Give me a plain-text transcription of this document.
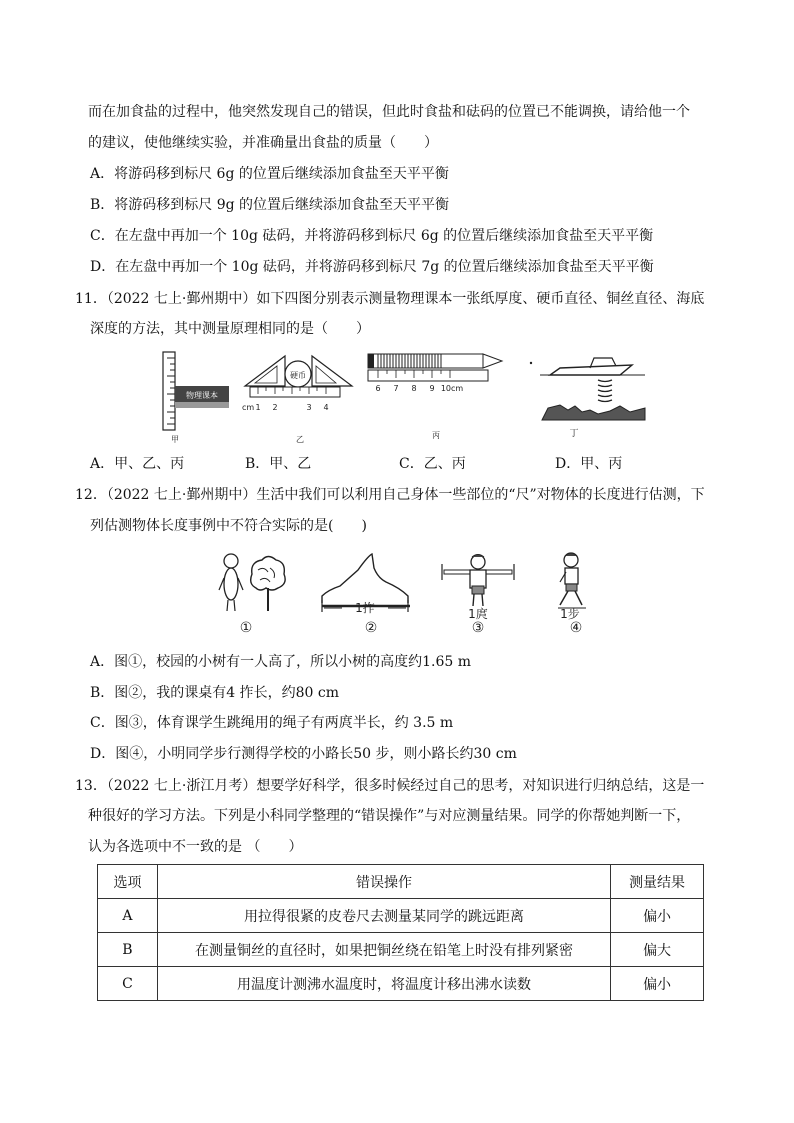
而在加食盐的过程中，他突然发现自己的错误，但此时食盐和砝码的位置已不能调换，请给他一个
的建议，使他继续实验，并准确量出食盐的质量（　　）
A．将游码移到标尺 6g 的位置后继续添加食盐至天平平衡
B．将游码移到标尺 9g 的位置后继续添加食盐至天平平衡
C．在左盘中再加一个 10g 砝码，并将游码移到标尺 6g 的位置后继续添加食盐至天平平衡
D．在左盘中再加一个 10g 砝码，并将游码移到标尺 7g 的位置后继续添加食盐至天平平衡
11．（2022 七上·鄞州期中）如下四图分别表示测量物理课本一张纸厚度、硬币直径、铜丝直径、海底
深度的方法，其中测量原理相同的是（　　）
物理课本
甲
硬币
cm 1 2	3 4
乙
6 7 8 9 10cm
丙	丁
A．甲、乙、丙	B．甲、乙	C．乙、丙	D．甲、丙
12．（2022 七上·鄞州期中）生活中我们可以利用自己身体一些部位的“尺”对物体的长度进行估测，下
列估测物体长度事例中不符合实际的是(　　)
①
1拃
②
1庹
③
1步
④
A．图①，校园的小树有一人高了，所以小树的高度约1.65 m
B．图②，我的课桌有4 拃长，约80 cm
C．图③，体育课学生跳绳用的绳子有两庹半长，约 3.5 m
D．图④，小明同学步行测得学校的小路长50 步，则小路长约30 cm
13．（2022 七上·浙江月考）想要学好科学，很多时候经过自己的思考，对知识进行归纳总结，这是一
种很好的学习方法。下列是小科同学整理的“错误操作”与对应测量结果。同学的你帮她判断一下，
认为各选项中不一致的是 （　　）
选项	错误操作	测量结果
A	用拉得很紧的皮卷尺去测量某同学的跳远距离	偏小
B	在测量铜丝的直径时，如果把铜丝绕在铅笔上时没有排列紧密	偏大
C	用温度计测沸水温度时，将温度计移出沸水读数	偏小
